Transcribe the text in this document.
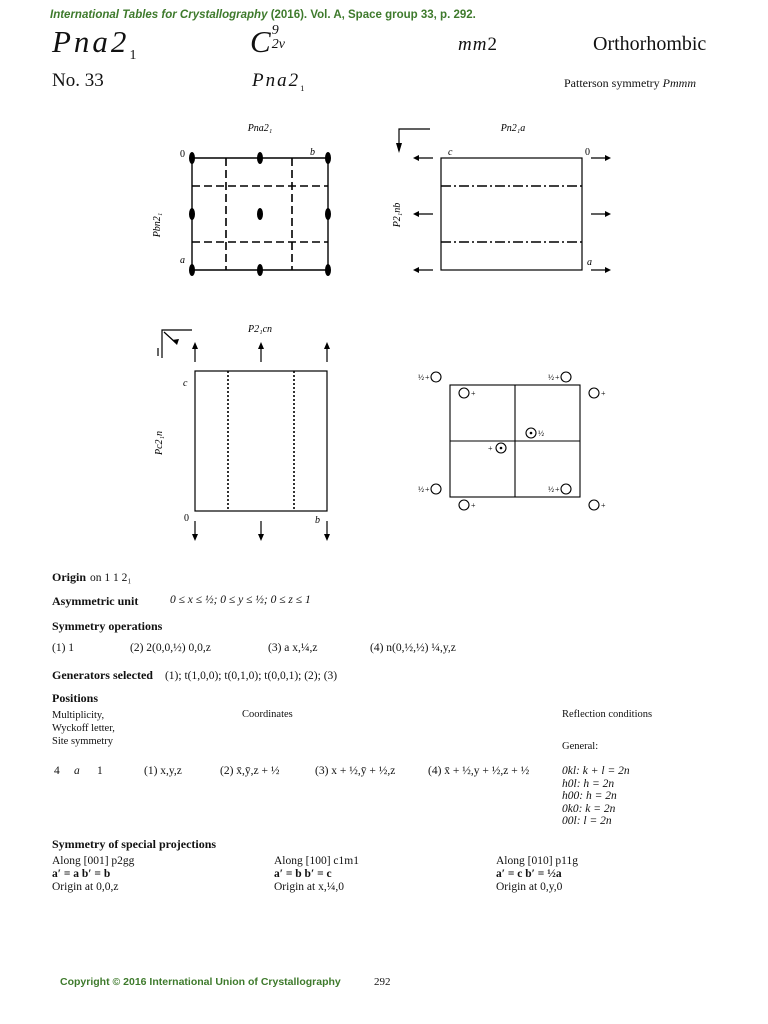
International Tables for Crystallography (2016). Vol. A, Space group 33, p. 292.
$Pna2_1$	C9
2v	mm2	Orthorhombic
No. 33	$Pna2_1$	Patterson symmetry Pmmm
Pna2₁
Pbn2₁
0	b
a
Pn2₁a
P2₁nb
c	0
a
P2₁cn
Pc2₁n
c
0	b
½ +	½ +
+	+
½
+
½ +	½ +
+	+
Origin on 1 1 2₁
Asymmetric unit	0 ≤ x ≤ ½; 0 ≤ y ≤ ½; 0 ≤ z ≤ 1
Symmetry operations
(1) 1	(2) 2(0,0,½) 0,0,z	(3) a x,¼,z	(4) n(0,½,½) ¼,y,z
Generators selected (1); t(1,0,0); t(0,1,0); t(0,0,1); (2); (3)
Positions
Multiplicity,
Wyckoff letter,
Site symmetry
Coordinates	Reflection conditions
General:
4 a 1	(1) x,y,z	(2) x̄,ȳ,z + ½	(3) x + ½,ȳ + ½,z	(4) x̄ + ½,y + ½,z + ½	0kl: k + l = 2n
h0l: h = 2n
h00: h = 2n
0k0: k = 2n
00l: l = 2n
Symmetry of special projections
Along [001] p2gg
a′ = a b′ = b
Origin at 0,0,z
Along [100] c1m1
a′ = b b′ = c
Origin at x,¼,0
Along [010] p11g
a′ = c b′ = ½a
Origin at 0,y,0
Copyright © 2016 International Union of Crystallography	292
